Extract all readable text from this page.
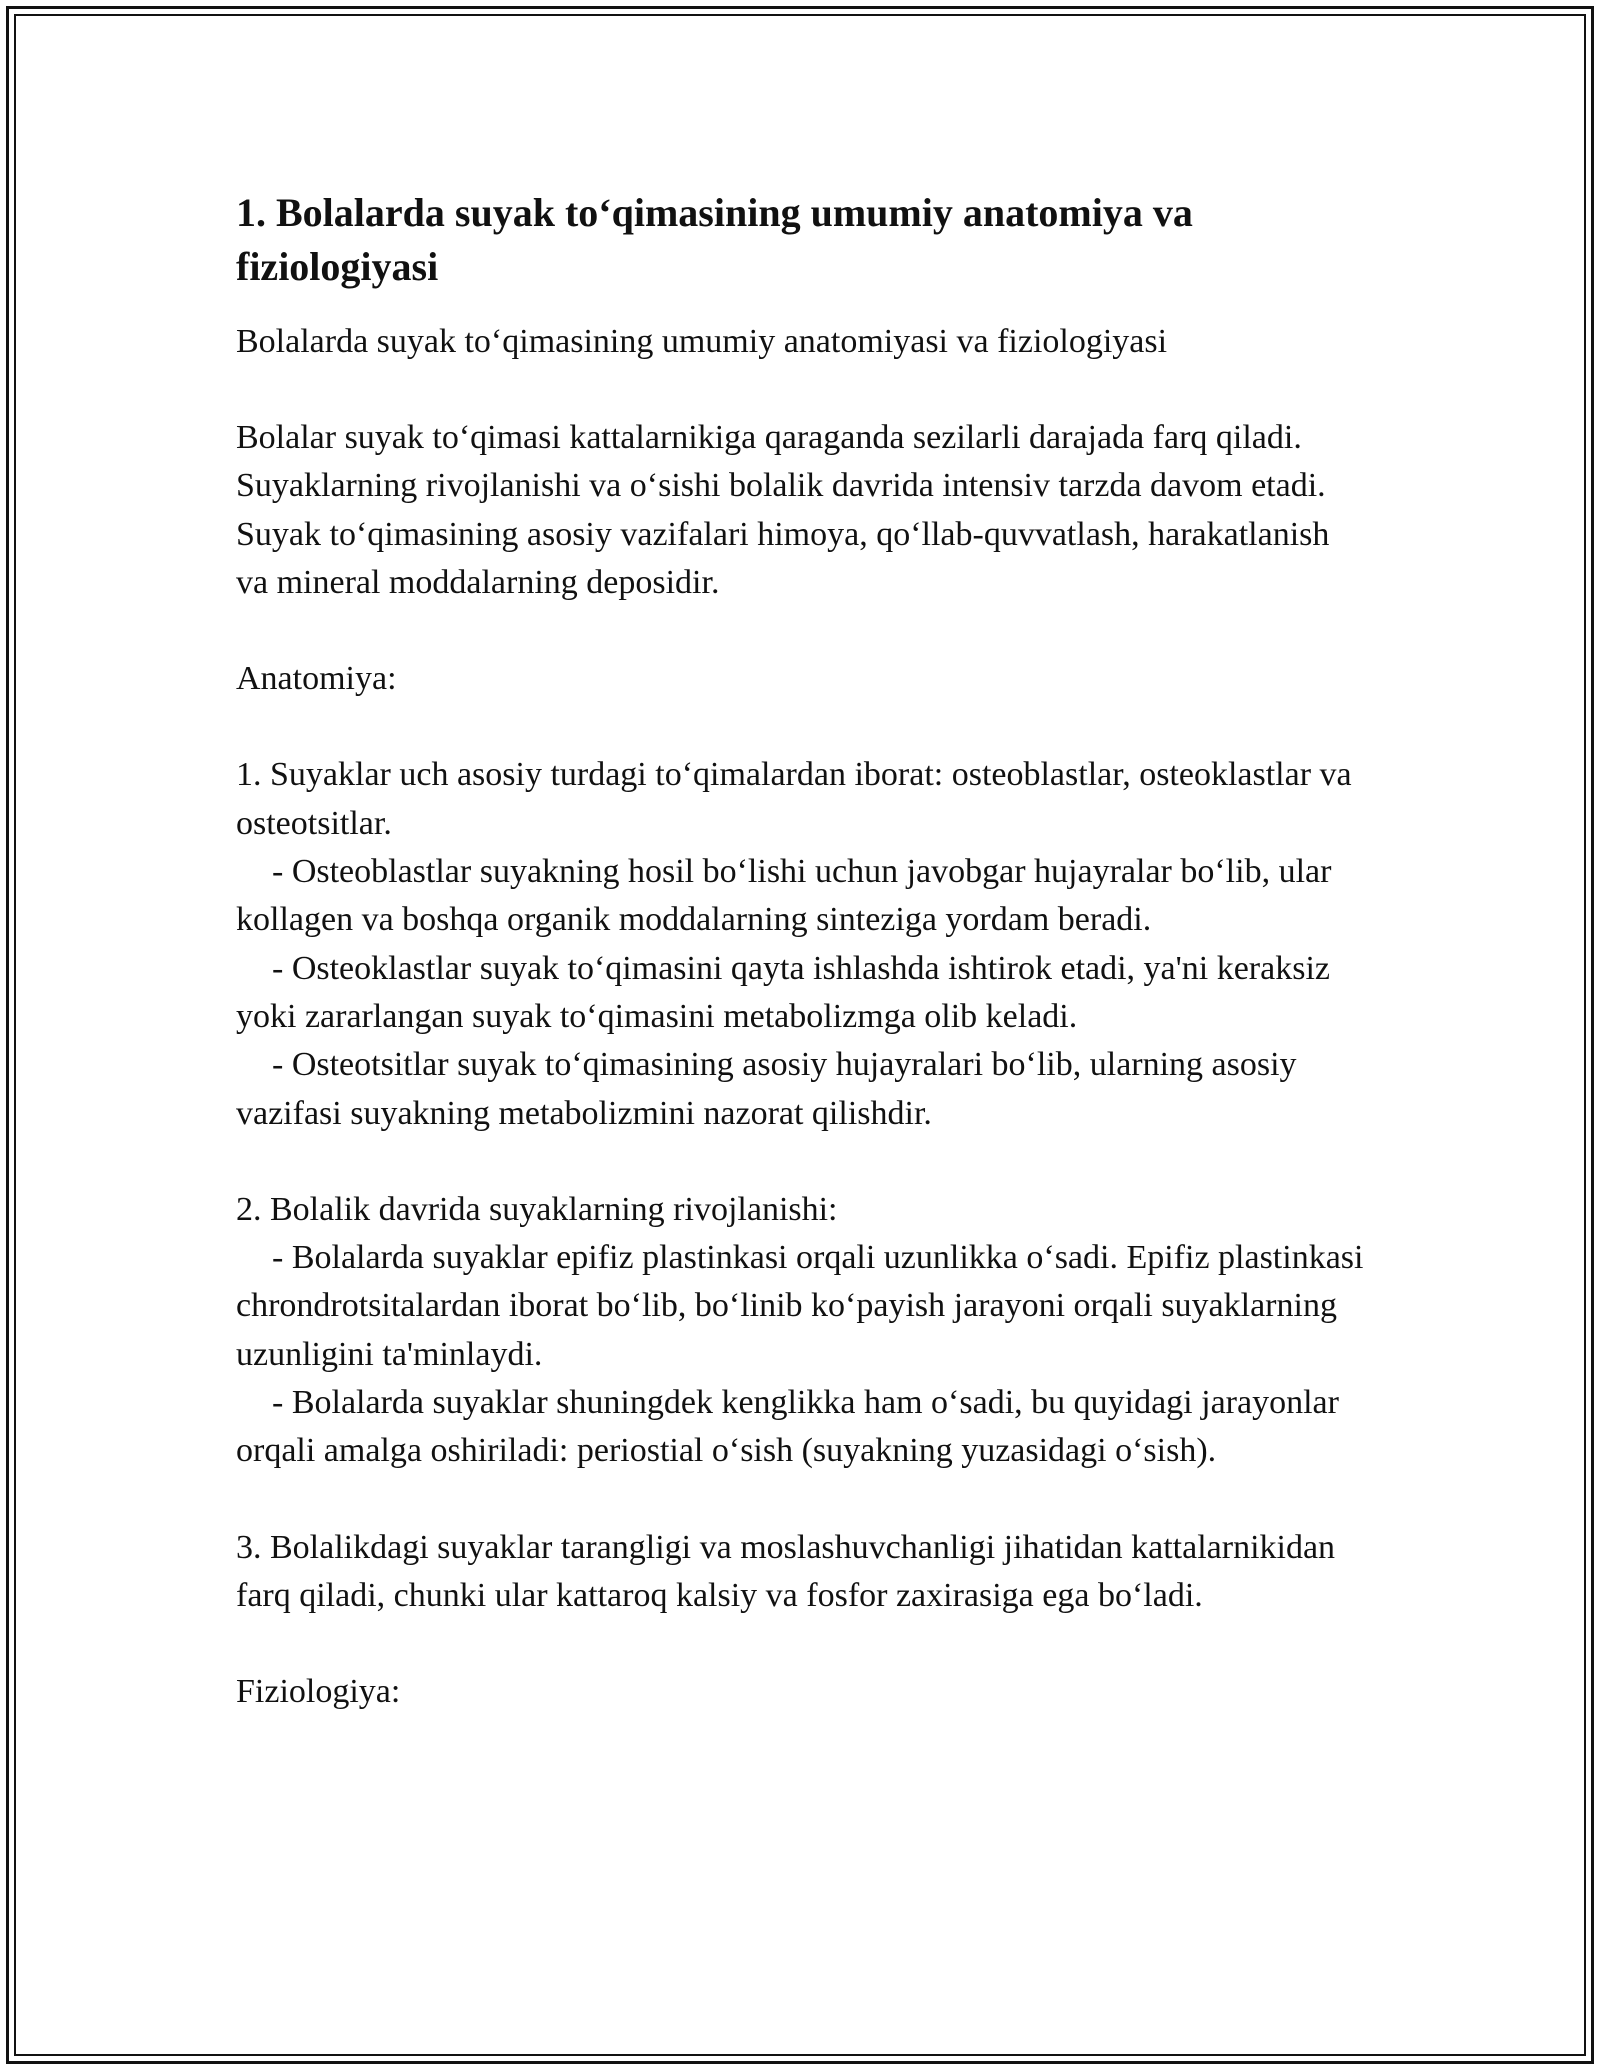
1. Bolalarda suyak to‘qimasining umumiy anatomiya va fiziologiyasi

Bolalarda suyak to‘qimasining umumiy anatomiyasi va fiziologiyasi

Bolalar suyak to‘qimasi kattalarnikiga qaraganda sezilarli darajada farq qiladi. Suyaklarning rivojlanishi va o‘sishi bolalik davrida intensiv tarzda davom etadi. Suyak to‘qimasining asosiy vazifalari himoya, qo‘llab-quvvatlash, harakatlanish va mineral moddalarning deposidir.

Anatomiya:

1. Suyaklar uch asosiy turdagi to‘qimalardan iborat: osteoblastlar, osteoklastlar va osteotsitlar.

- Osteoblastlar suyakning hosil bo‘lishi uchun javobgar hujayralar bo‘lib, ular kollagen va boshqa organik moddalarning sinteziga yordam beradi.

- Osteoklastlar suyak to‘qimasini qayta ishlashda ishtirok etadi, ya'ni keraksiz yoki zararlangan suyak to‘qimasini metabolizmga olib keladi.

- Osteotsitlar suyak to‘qimasining asosiy hujayralari bo‘lib, ularning asosiy vazifasi suyakning metabolizmini nazorat qilishdir.

2. Bolalik davrida suyaklarning rivojlanishi:

- Bolalarda suyaklar epifiz plastinkasi orqali uzunlikka o‘sadi. Epifiz plastinkasi chrondrotsitalardan iborat bo‘lib, bo‘linib ko‘payish jarayoni orqali suyaklarning uzunligini ta'minlaydi.

- Bolalarda suyaklar shuningdek kenglikka ham o‘sadi, bu quyidagi jarayonlar orqali amalga oshiriladi: periostial o‘sish (suyakning yuzasidagi o‘sish).

3. Bolalikdagi suyaklar tarangligi va moslashuvchanligi jihatidan kattalarnikidan farq qiladi, chunki ular kattaroq kalsiy va fosfor zaxirasiga ega bo‘ladi.

Fiziologiya:
